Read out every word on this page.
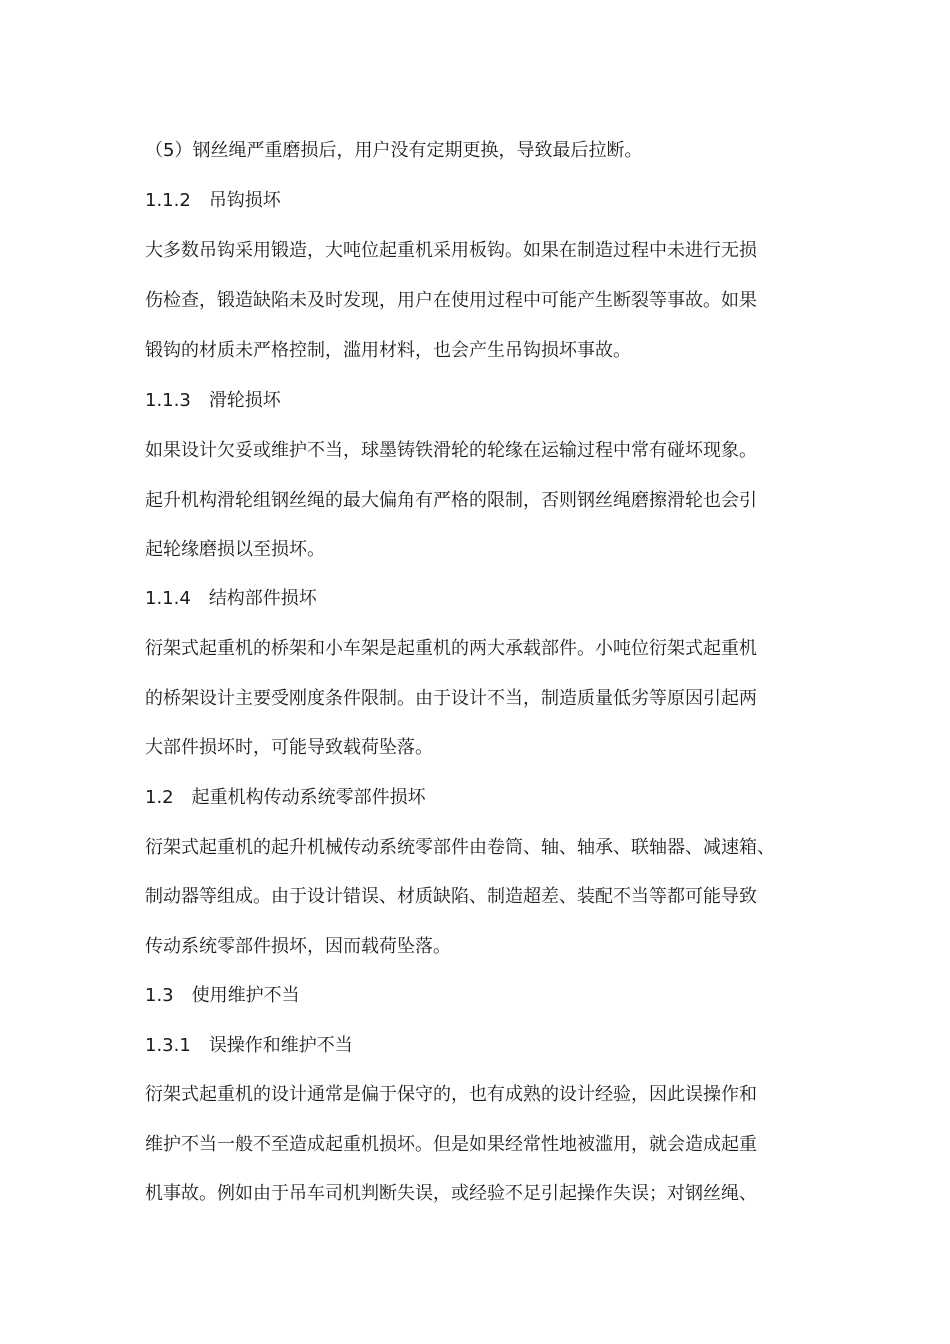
（5）钢丝绳严重磨损后，用户没有定期更换，导致最后拉断。
1.1.2 吊钩损坏
大多数吊钩采用锻造，大吨位起重机采用板钩。如果在制造过程中未进行无损
伤检查，锻造缺陷未及时发现，用户在使用过程中可能产生断裂等事故。如果
锻钩的材质未严格控制，滥用材料，也会产生吊钩损坏事故。
1.1.3 滑轮损坏
如果设计欠妥或维护不当，球墨铸铁滑轮的轮缘在运输过程中常有碰坏现象。
起升机构滑轮组钢丝绳的最大偏角有严格的限制，否则钢丝绳磨擦滑轮也会引
起轮缘磨损以至损坏。
1.1.4 结构部件损坏
衍架式起重机的桥架和小车架是起重机的两大承载部件。小吨位衍架式起重机
的桥架设计主要受刚度条件限制。由于设计不当，制造质量低劣等原因引起两
大部件损坏时，可能导致载荷坠落。
1.2 起重机构传动系统零部件损坏
衍架式起重机的起升机械传动系统零部件由卷筒、轴、轴承、联轴器、减速箱、
制动器等组成。由于设计错误、材质缺陷、制造超差、装配不当等都可能导致
传动系统零部件损坏，因而载荷坠落。
1.3 使用维护不当
1.3.1 误操作和维护不当
衍架式起重机的设计通常是偏于保守的，也有成熟的设计经验，因此误操作和
维护不当一般不至造成起重机损坏。但是如果经常性地被滥用，就会造成起重
机事故。例如由于吊车司机判断失误，或经验不足引起操作失误；对钢丝绳、
